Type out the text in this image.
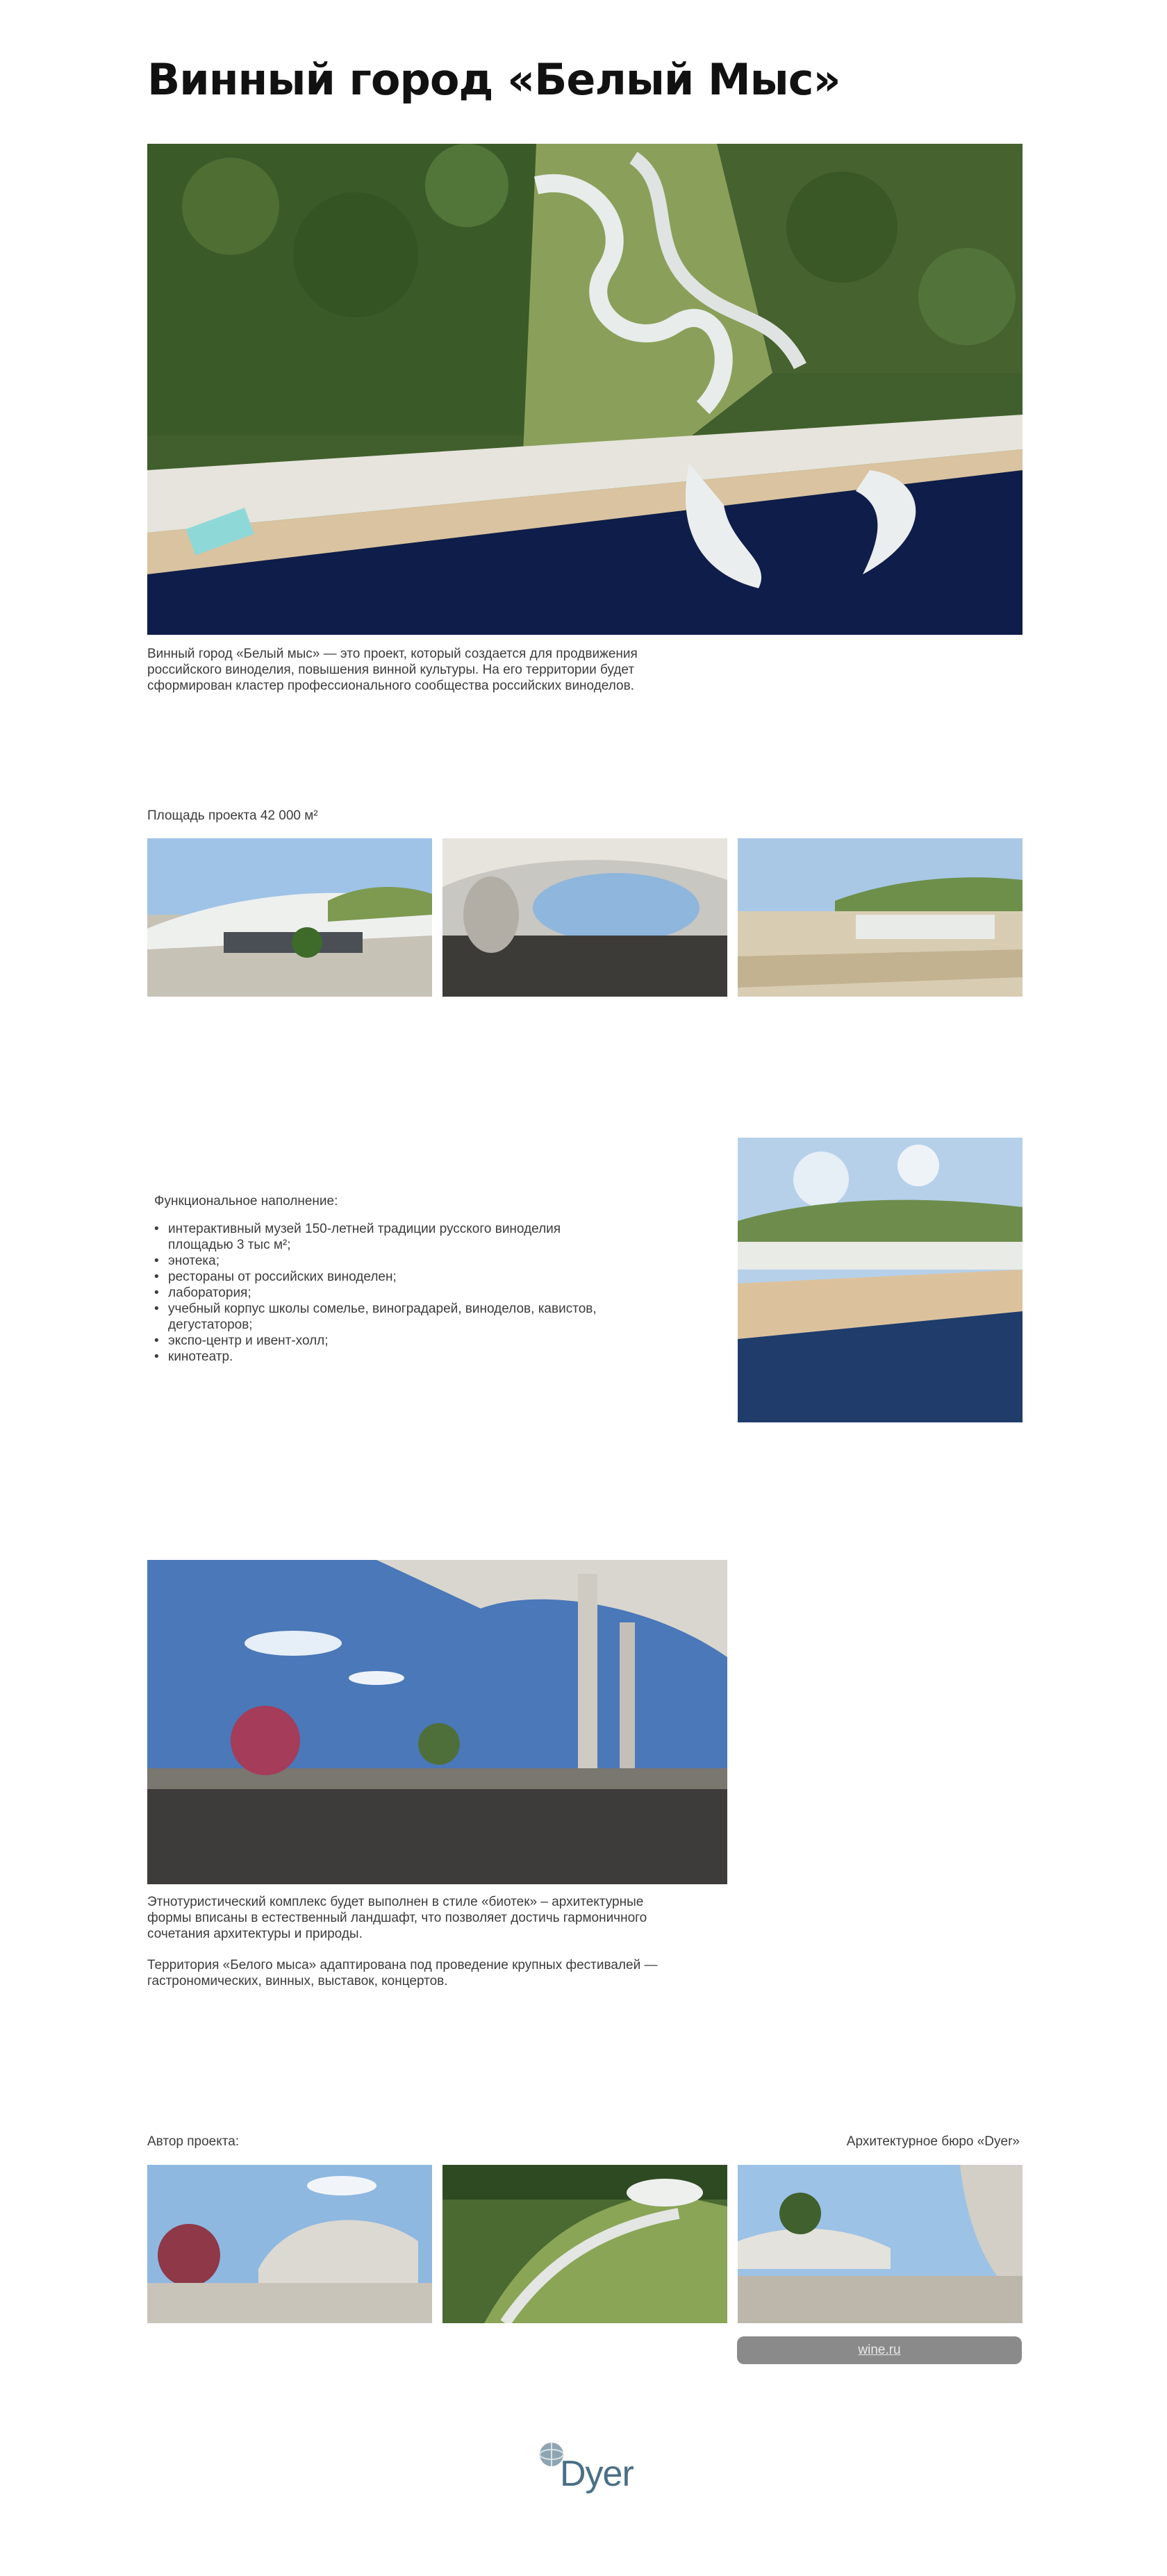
Винный город «Белый Мыс»

Винный город «Белый мыс» — это проект, который создается для продвижения российского виноделия, повышения винной культуры. На его территории будет сформирован кластер профессионального сообщества российских виноделов.

Площадь проекта 42 000 м²

Функциональное наполнение:

• интерактивный музей 150-летней традиции русского виноделия площадью 3 тыс м²;
• энотека;
• рестораны от российских виноделен;
• лаборатория;
• учебный корпус школы сомелье, виноградарей, виноделов, кавистов, дегустаторов;
• экспо-центр и ивент-холл;
• кинотеатр.

Этнотуристический комплекс будет выполнен в стиле «биотек» – архитектурные формы вписаны в естественный ландшафт, что позволяет достичь гармоничного сочетания архитектуры и природы.

Территория «Белого мыса» адаптирована под проведение крупных фестивалей — гастрономических, винных, выставок, концертов.

Автор проекта:	Архитектурное бюро «Dyer»

wine.ru
Dyer
